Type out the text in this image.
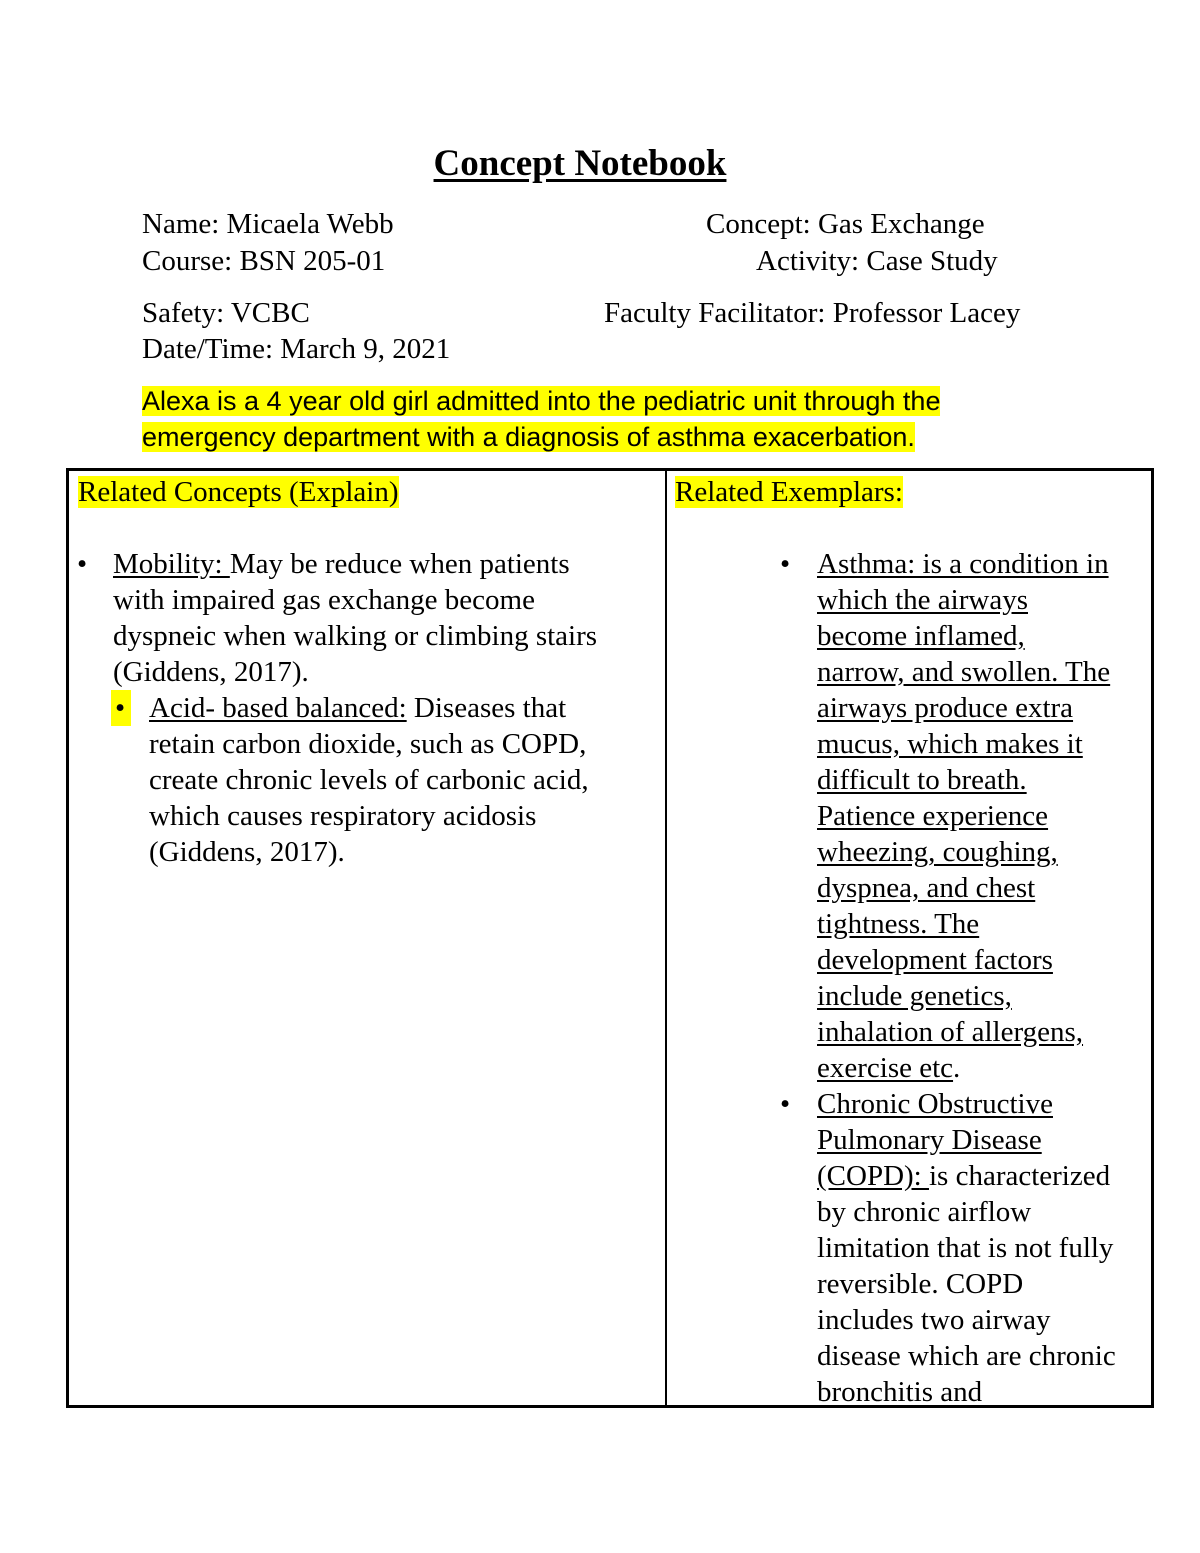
Concept Notebook
Name: Micaela Webb
Course: BSN 205-01
Safety: VCBC
Date/Time: March 9, 2021
Concept: Gas Exchange
Activity: Case Study
Faculty Facilitator: Professor Lacey
Alexa is a 4 year old girl admitted into the pediatric unit through the
emergency department with a diagnosis of asthma exacerbation.
Related Concepts (Explain)
• Mobility: May be reduce when patients
with impaired gas exchange become
dyspneic when walking or climbing stairs
(Giddens, 2017).
• Acid- based balanced: Diseases that
retain carbon dioxide, such as COPD,
create chronic levels of carbonic acid,
which causes respiratory acidosis
(Giddens, 2017).
Related Exemplars:
• Asthma: is a condition in
which the airways
become inflamed,
narrow, and swollen. The
airways produce extra
mucus, which makes it
difficult to breath.
Patience experience
wheezing, coughing,
dyspnea, and chest
tightness. The
development factors
include genetics,
inhalation of allergens,
exercise etc.
• Chronic Obstructive
Pulmonary Disease
(COPD): is characterized
by chronic airflow
limitation that is not fully
reversible. COPD
includes two airway
disease which are chronic
bronchitis and
